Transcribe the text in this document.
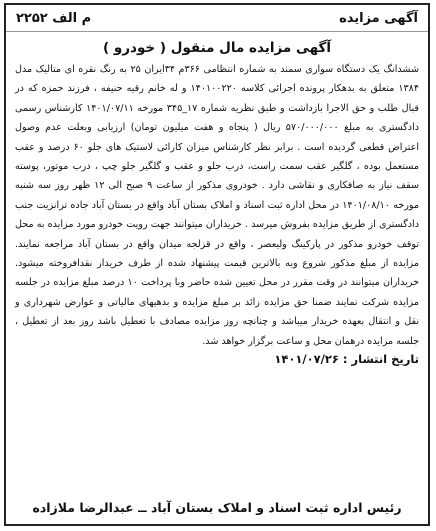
آگهی مزایده
م الف ۲۲۵۲
آگهی مزایده مال منقول ( خودرو )

ششدانگ یک دستگاه سواری سمند به شماره انتظامی ۳۶۶م ۳۴ایران ۲۵ به رنگ نقره ای متالیک مدل ۱۳۸۴ متعلق به بدهکار پرونده اجرائی کلاسه ۱۴۰۱۰۰۲۲۰ و له خانم رقیه حنیفه ، فرزند حمزه که در قبال طلب و حق الاجرا بازداشت و طبق نظریه شماره ۱۷_۳۴۵ مورخه ۱۴۰۱/۰۷/۱۱ کارشناس رسمی دادگستری به مبلغ ۵۷۰/۰۰۰/۰۰۰ ریال ( پنجاه و هفت میلیون تومان) ارزیابی وبعلت عدم وصول اعتراض قطعی گردیده است . برابر نظر کارشناس میزان کارائی لاستیک های جلو ۶۰ درصد و عقب مستعمل بوده ، گلگیر عقب سمت راست، درب جلو و عقب و گلگیر جلو چپ ، درب موتور، پوسته سقف نیاز به صافکاری و نقاشی دارد . خودروی مذکور از ساعت ۹ صبح الی ۱۲ ظهر روز سه شنبه مورخه ۱۴۰۱/۰۸/۱۰ در محل اداره ثبت اسناد و املاک بستان آباد واقع در بستان آباد جاده ترانزیت جنب دادگستری از طریق مزایده بفروش میرسد . خریداران میتوانند جهت رویت خودرو مورد مزایده به محل توقف خودرو مذکور در پارکینگ ولیعصر ، واقع در قزلجه میدان واقع در بستان آباد مراجعه نمایند. مزایده از مبلغ مذکور شروع وبه بالاترین قیمت پیشنهاد شده از طرف خریدار نقدافروخته میشود. خریداران میتوانند در وقت مقرر در محل تعیین شده حاضر وبا پرداخت ۱۰ درصد مبلغ مزایده در جلسه مزایده شرکت نمایند ضمنا حق مزایده زائد بر مبلغ مزایده و بدهیهای مالیاتی و عوارض شهرداری و نقل و انتقال بعهده خریدار میباشد و چنانچه روز مزایده مصادف با تعطیل باشد روز بعد از تعطیل ، جلسه مزایده درهمان محل و ساعت برگزار خواهد شد.

تاریخ انتشار : ۱۴۰۱/۰۷/۲۶
رئیس اداره ثبت اسناد و املاک بستان آباد ــ عبدالرضا ملازاده
